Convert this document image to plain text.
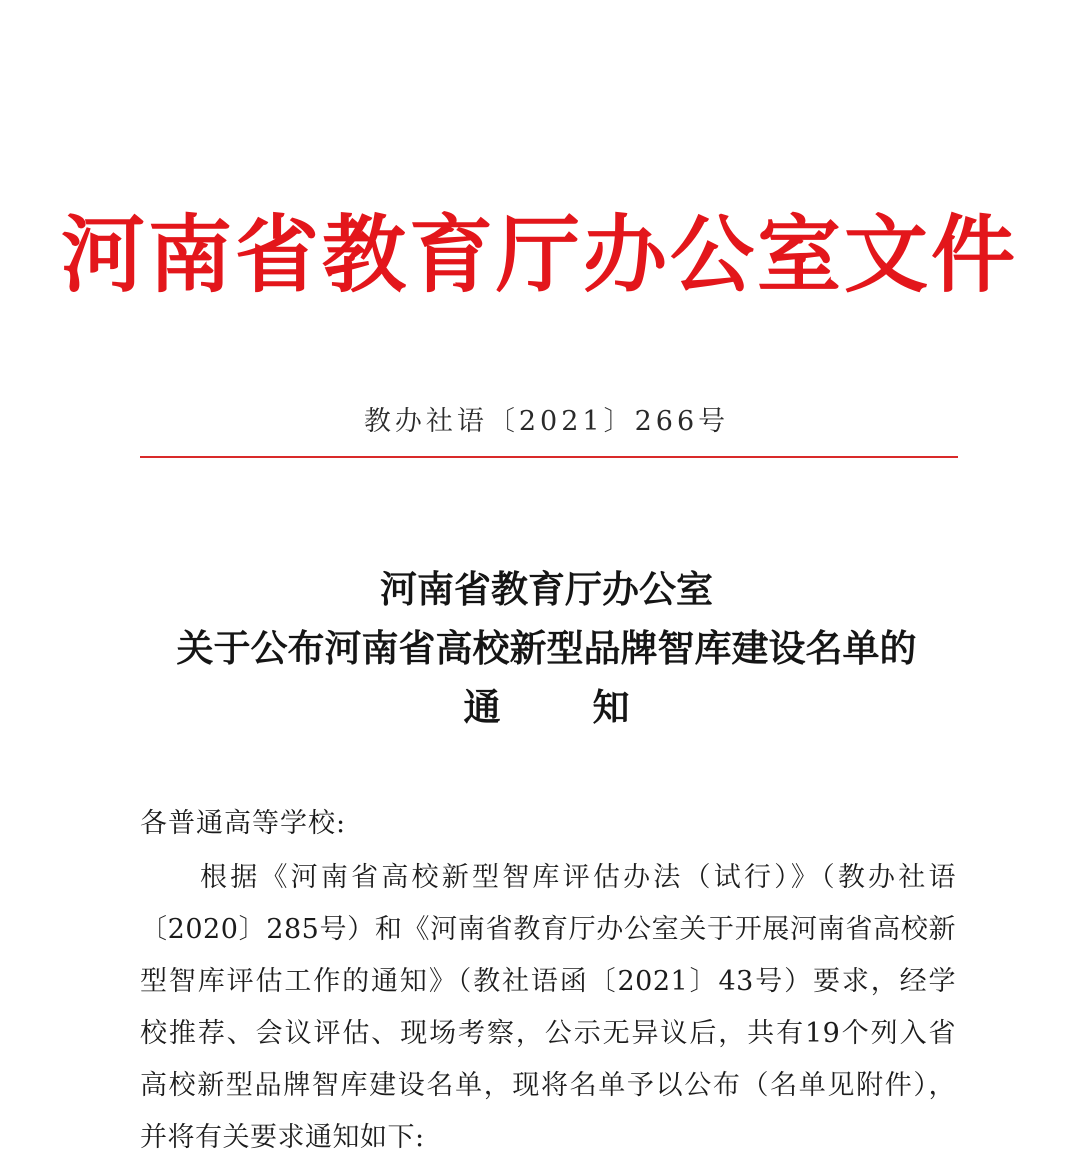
河南省教育厅办公室文件
教办社语〔2021〕266号
河南省教育厅办公室
关于公布河南省高校新型品牌智库建设名单的
通知
各普通高等学校:
根据《河南省高校新型智库评估办法（试行）》（教办社语
〔2020〕285号）和《河南省教育厅办公室关于开展河南省高校新
型智库评估工作的通知》（教社语函〔2021〕43号）要求，经学
校推荐、会议评估、现场考察，公示无异议后，共有19个列入省
高校新型品牌智库建设名单，现将名单予以公布（名单见附件），
并将有关要求通知如下:
